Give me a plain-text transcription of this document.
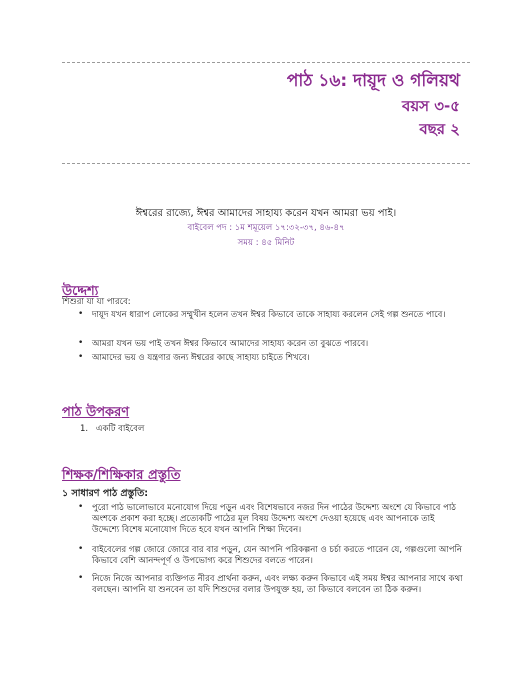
পাঠ ১৬: দায়ূদ ও গলিয়থ
বয়স ৩-৫
বছর ২
ঈশ্বরের রাজ্যে, ঈশ্বর আমাদের সাহায্য করেন যখন আমরা ভয় পাই।
বাইবেল পদ : ১ম শমূয়েল ১৭:৩২-৩৭, ৪৬-৪৭
সময় : ৪৫ মিনিট
উদ্দেশ্য
শিশুরা যা যা পারবে:
• দায়ূদ যখন ধারাপ লোকের সম্মুখীন হলেন তখন ঈশ্বর কিভাবে তাকে সাহায্য করলেন সেই গল্প শুনতে পাবে।
• আমরা যখন ভয় পাই তখন ঈশ্বর কিভাবে আমাদের সাহায্য করেন তা বুঝতে পারবে।
• আমাদের ভয় ও যন্ত্রণার জন্য ঈশ্বরের কাছে সাহায্য চাইতে শিখবে।
পাঠ উপকরণ
1. একটি বাইবেল
শিক্ষক/শিক্ষিকার প্রস্তুতি
১ সাধারণ পাঠ প্রস্তুতি:
• পুরো পাঠ ভালোভাবে মনোযোগ দিয়ে পড়ুন এবং বিশেষভাবে নজর দিন পাঠের উদ্দেশ্য অংশে যে কিভাবে পাঠ অংশকে প্রকাশ করা হচ্ছে। প্রত্যেকটি পাঠের মূল বিষয় উদ্দেশ্য অংশে দেওয়া হয়েছে এবং আপনাকে তাই উদ্দেশ্যে বিশেষ মনোযোগ দিতে হবে যখন আপনি শিক্ষা দিবেন।
• বাইবেলের গল্প জোরে জোরে বার বার পড়ুন, যেন আপনি পরিকল্পনা ও চর্চা করতে পারেন যে, গল্পগুলো আপনি কিভাবে বেশি আনন্দপূর্ণ ও উপভোগ্য করে শিশুদের বলতে পারেন।
• নিজে নিজে আপনার ব্যক্তিগত নীরব প্রার্থনা করুন, এবং লক্ষ্য করুন কিভাবে এই সময় ঈশ্বর আপনার সাথে কথা বলছেন। আপনি যা শুনবেন তা যদি শিশুদের বলার উপযুক্ত হয়, তা কিভাবে বলবেন তা ঠিক করুন।
